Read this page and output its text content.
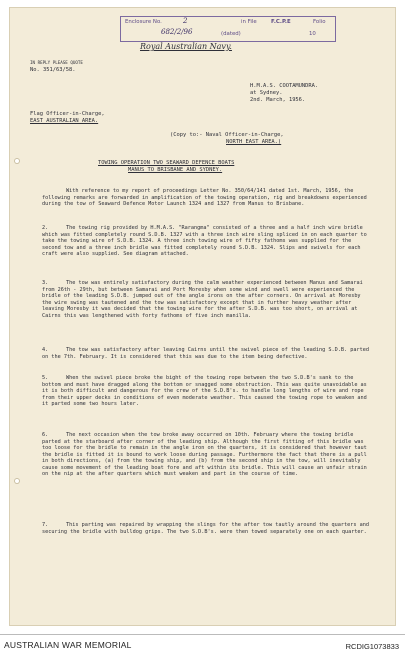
Enclosure No.	2	in File	F.C.P.E	Folio
682/2/96	(dated)	10
Royal Australian Navy.
IN REPLY PLEASE QUOTE
No. 351/63/58.
H.M.A.S. COOTAMUNDRA.
at Sydney.
2nd. March, 1956.
Flag Officer-in-Charge,
EAST AUSTRALIAN AREA.
(Copy to:- Naval Officer-in-Charge,
NORTH EAST AREA.)
TOWING OPERATION TWO SEAWARD DEFENCE BOATS
MANUS TO BRISBANE AND SYDNEY.
With reference to my report of proceedings Letter No. 350/64/141 dated 1st. March, 1956, the following remarks are forwarded in amplification of the towing operation, rig and breakdowns experienced during the tow of Seaward Defence Motor Launch 1324 and 1327 from Manus to Brisbane.
2.	The towing rig provided by H.M.A.S. "Rarangma" consisted of a three and a half inch wire bridle which was fitted completely round S.D.B. 1327 with a three inch wire sling spliced in on each quarter to take the towing wire of S.D.B. 1324. A three inch towing wire of fifty fathoms was supplied for the second tow and a three inch bridle was fitted completely round S.D.B. 1324. Slips and swivels for each craft were also supplied. See diagram attached.
3.	The tow was entirely satisfactory during the calm weather experienced between Manus and Samarai from 26th - 29th, but between Samarai and Port Moresby when some wind and swell were experienced the bridle of the leading S.D.B. jumped out of the angle irons on the after corners. On arrival at Moresby the wire swing was tautened and the tow was satisfactory except that in further heavy weather after leaving Moresby it was decided that the towing wire for the after S.D.B. was too short, on arrival at Cairns this was lengthened with forty fathoms of five inch manilla.
4.	The tow was satisfactory after leaving Cairns until the swivel piece of the leading S.D.B. parted on the 7th. February. It is considered that this was due to the item being defective.
5.	When the swivel piece broke the bight of the towing rope between the two S.D.B's sank to the bottom and must have dragged along the bottom or snagged some obstruction. This was quite unavoidable as it is both difficult and dangerous for the crew of the S.D.B's. to handle long lengths of wire and rope from their upper decks in conditions of even moderate weather. This caused the towing rope to weaken and it parted some two hours later.
6.	The next occasion when the tow broke away occurred on 10th. February where the towing bridle parted at the starboard after corner of the leading ship. Although the first fitting of this bridle was too loose for the bridle to remain in the angle iron on the quarters, it is considered that however taut the bridle is fitted it is bound to work loose during passage. Furthermore the fact that there is a pull in both directions, (a) from the towing ship, and (b) from the second ship in the tow, will inevitably cause some movement of the leading boat fore and aft within its bridle. This will cause an unfair strain on the nip at the after quarters which must weaken and part in the course of time.
7.	This parting was repaired by wrapping the slings for the after tow tautly around the quarters and securing the bridle with bulldog grips. The two S.D.B's. were then towed separately one on each quarter.
AUSTRALIAN WAR MEMORIAL	RCDIG1073833
